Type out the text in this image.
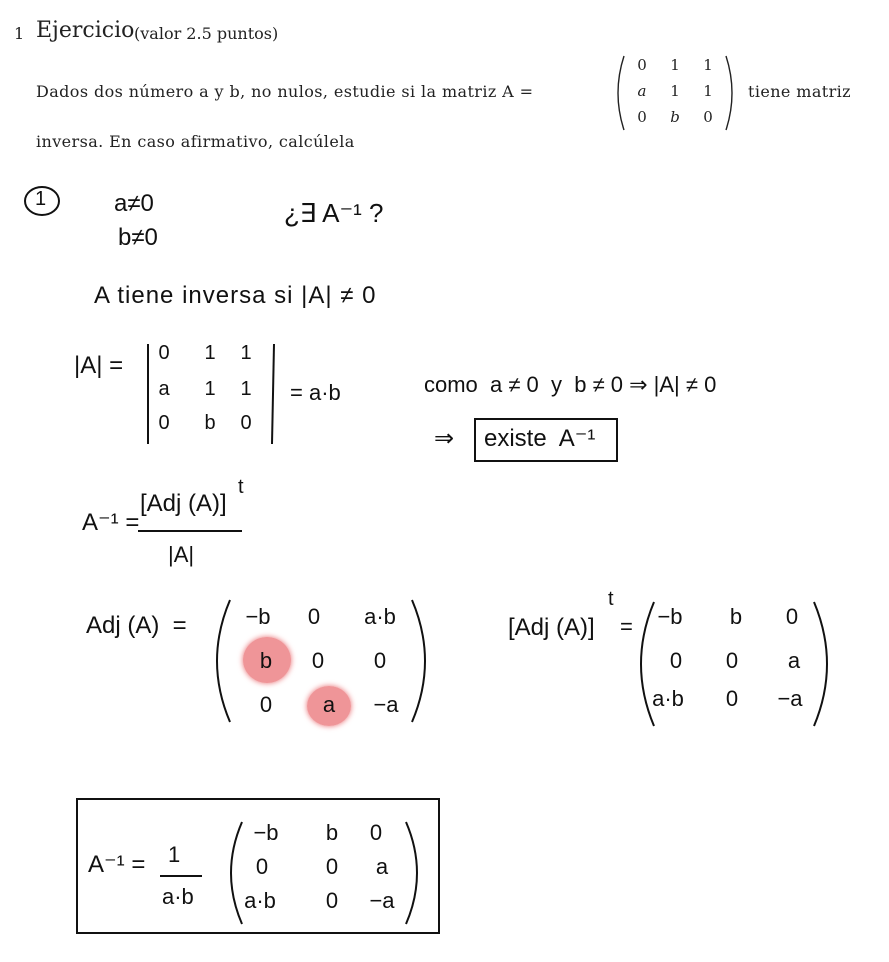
1 Ejercicio (valor 2.5 puntos)
Dados dos número a y b, no nulos, estudie si la matriz A =
0	1	1
a	1	1
0	b	0
tiene matriz
inversa. En caso afirmativo, calcúlela
1	a≠0
b≠0
¿∃ A⁻¹ ?
A tiene inversa si |A| ≠ 0
|A| =	0	1	1
a	1	1
0	b	0
= a·b	como  a ≠ 0  y  b ≠ 0 ⇒ |A| ≠ 0
⇒ existe  A⁻¹
A⁻¹ =
[Adj (A)]
t
|A|
Adj (A)  =	−b	0	a·b
b	0	0
0	a	−a
[Adj (A)]
t
=	−b	b	0
0	0	a
a·b	0	−a
A⁻¹ = 1
a·b
−b	b	0
0	0	a
a·b	0	−a
